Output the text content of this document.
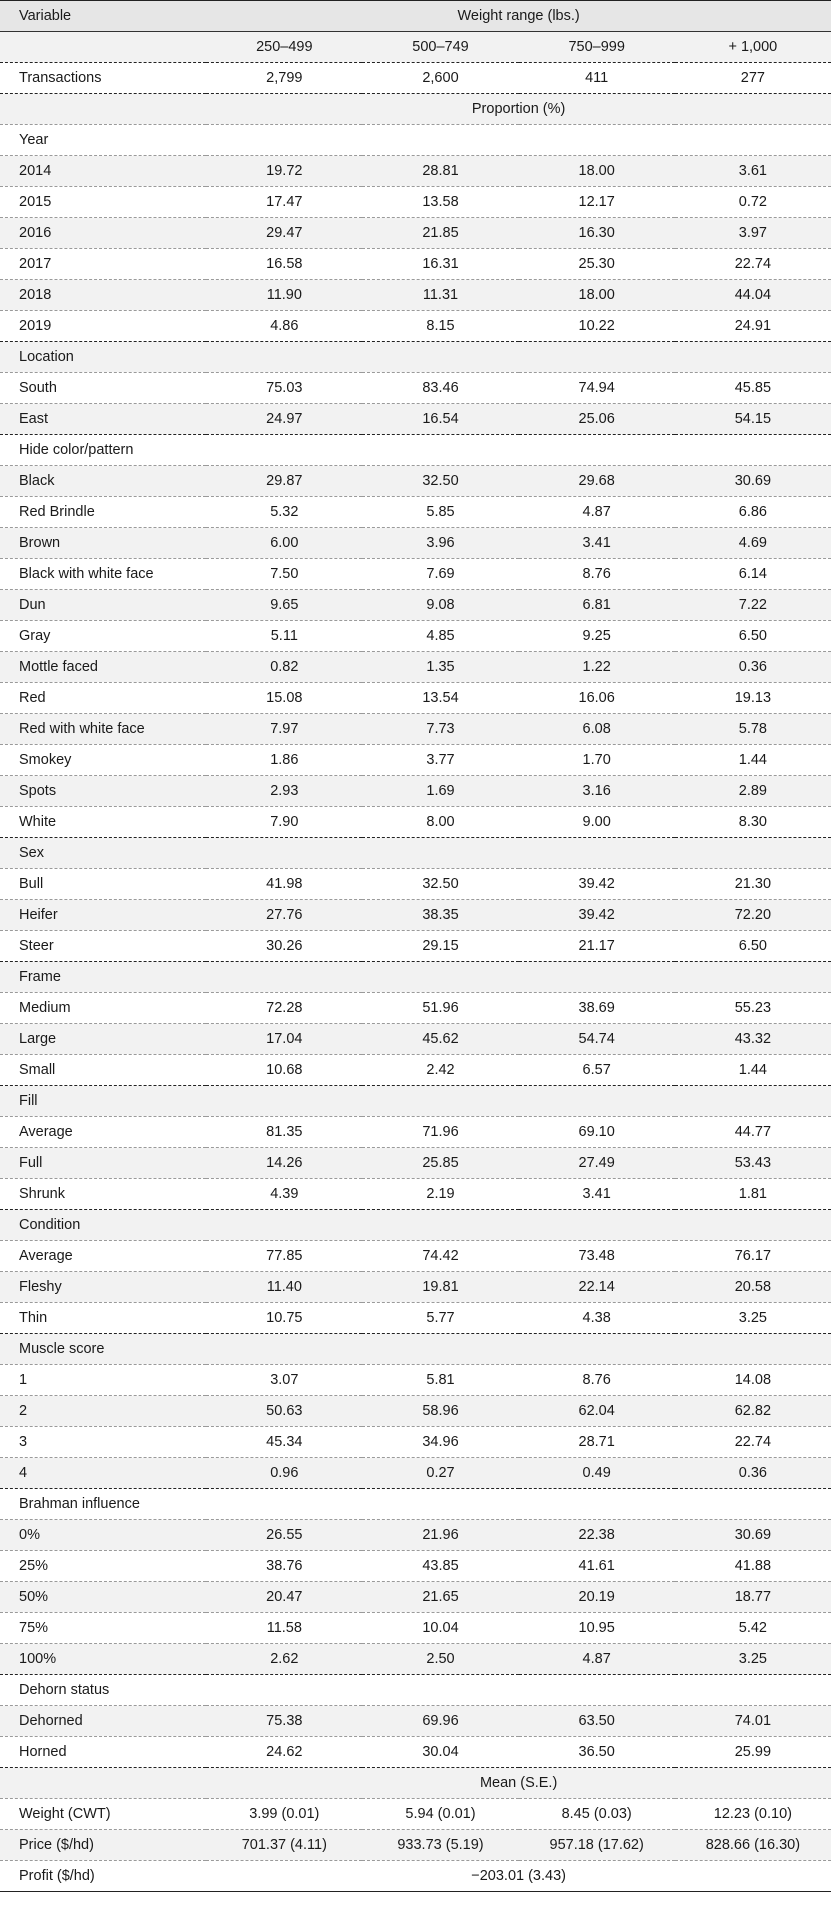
Variable	Weight range (lbs.)			
	250–499	500–749	750–999	+ 1,000
Transactions	2,799	2,600	411	277
	Proportion (%)			
Year				
2014	19.72	28.81	18.00	3.61
2015	17.47	13.58	12.17	0.72
2016	29.47	21.85	16.30	3.97
2017	16.58	16.31	25.30	22.74
2018	11.90	11.31	18.00	44.04
2019	4.86	8.15	10.22	24.91
Location				
South	75.03	83.46	74.94	45.85
East	24.97	16.54	25.06	54.15
Hide color/pattern				
Black	29.87	32.50	29.68	30.69
Red Brindle	5.32	5.85	4.87	6.86
Brown	6.00	3.96	3.41	4.69
Black with white face	7.50	7.69	8.76	6.14
Dun	9.65	9.08	6.81	7.22
Gray	5.11	4.85	9.25	6.50
Mottle faced	0.82	1.35	1.22	0.36
Red	15.08	13.54	16.06	19.13
Red with white face	7.97	7.73	6.08	5.78
Smokey	1.86	3.77	1.70	1.44
Spots	2.93	1.69	3.16	2.89
White	7.90	8.00	9.00	8.30
Sex				
Bull	41.98	32.50	39.42	21.30
Heifer	27.76	38.35	39.42	72.20
Steer	30.26	29.15	21.17	6.50
Frame				
Medium	72.28	51.96	38.69	55.23
Large	17.04	45.62	54.74	43.32
Small	10.68	2.42	6.57	1.44
Fill				
Average	81.35	71.96	69.10	44.77
Full	14.26	25.85	27.49	53.43
Shrunk	4.39	2.19	3.41	1.81
Condition				
Average	77.85	74.42	73.48	76.17
Fleshy	11.40	19.81	22.14	20.58
Thin	10.75	5.77	4.38	3.25
Muscle score				
1	3.07	5.81	8.76	14.08
2	50.63	58.96	62.04	62.82
3	45.34	34.96	28.71	22.74
4	0.96	0.27	0.49	0.36
Brahman influence				
0%	26.55	21.96	22.38	30.69
25%	38.76	43.85	41.61	41.88
50%	20.47	21.65	20.19	18.77
75%	11.58	10.04	10.95	5.42
100%	2.62	2.50	4.87	3.25
Dehorn status				
Dehorned	75.38	69.96	63.50	74.01
Horned	24.62	30.04	36.50	25.99
	Mean (S.E.)			
Weight (CWT)	3.99 (0.01)	5.94 (0.01)	8.45 (0.03)	12.23 (0.10)
Price ($/hd)	701.37 (4.11)	933.73 (5.19)	957.18 (17.62)	828.66 (16.30)
Profit ($/hd)	−203.01 (3.43)			
